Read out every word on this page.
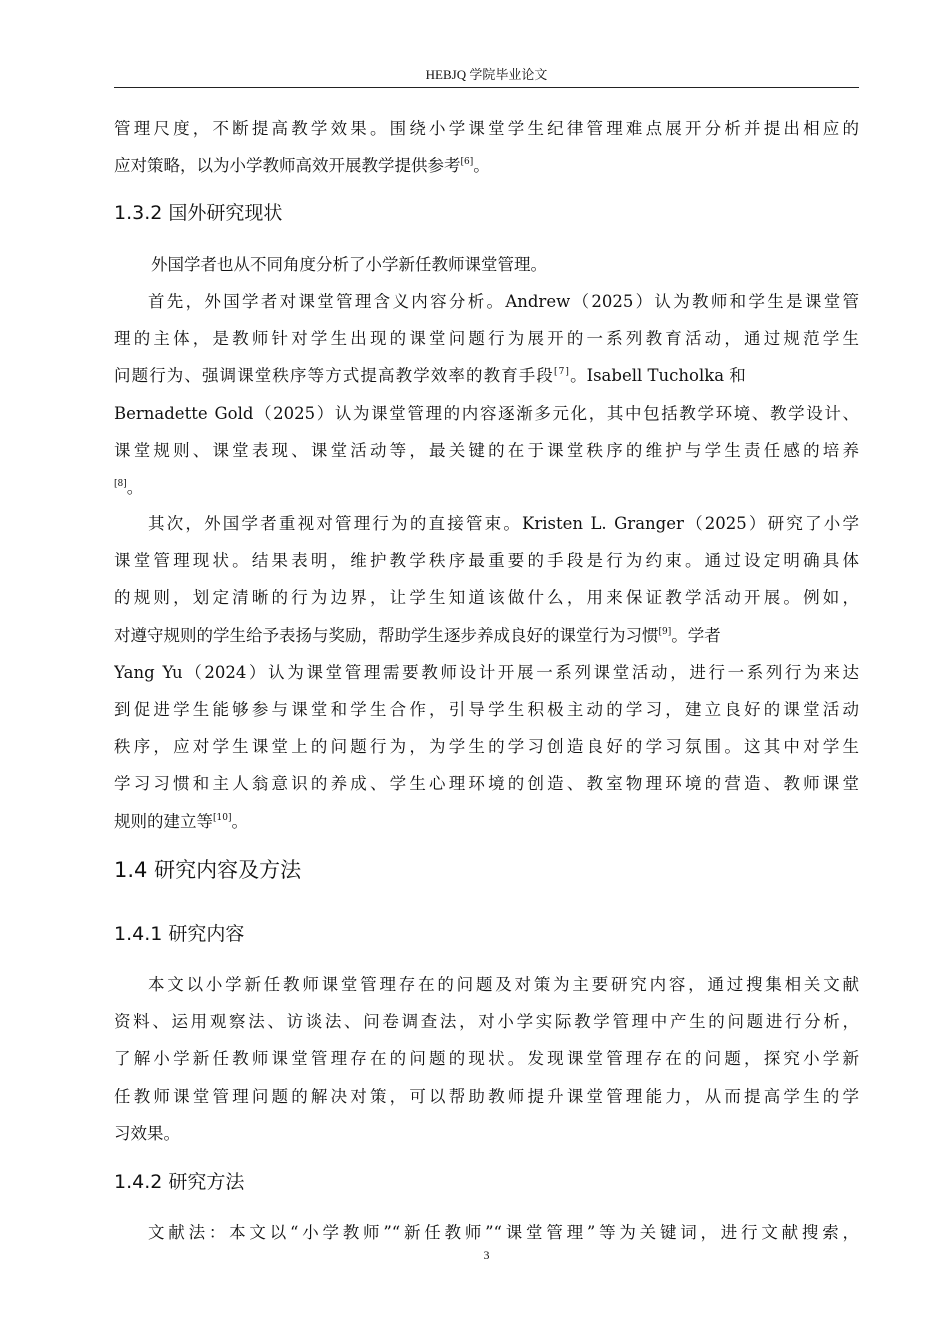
HEBJQ 学院毕业论文
管理尺度，不断提高教学效果。围绕小学课堂学生纪律管理难点展开分析并提出相应的
应对策略，以为小学教师高效开展教学提供参考[6]。
1.3.2 国外研究现状
外国学者也从不同角度分析了小学新任教师课堂管理。
首先，外国学者对课堂管理含义内容分析。Andrew（2025）认为教师和学生是课堂管
理的主体，是教师针对学生出现的课堂问题行为展开的一系列教育活动，通过规范学生
问题行为、强调课堂秩序等方式提高教学效率的教育手段[7]。Isabell Tucholka 和
Bernadette Gold（2025）认为课堂管理的内容逐渐多元化，其中包括教学环境、教学设计、
课堂规则、课堂表现、课堂活动等，最关键的在于课堂秩序的维护与学生责任感的培养
[8]。
其次，外国学者重视对管理行为的直接管束。Kristen L. Granger（2025）研究了小学
课堂管理现状。结果表明，维护教学秩序最重要的手段是行为约束。通过设定明确具体
的规则，划定清晰的行为边界，让学生知道该做什么，用来保证教学活动开展。例如，
对遵守规则的学生给予表扬与奖励，帮助学生逐步养成良好的课堂行为习惯[9]。学者
Yang Yu（2024）认为课堂管理需要教师设计开展一系列课堂活动，进行一系列行为来达
到促进学生能够参与课堂和学生合作，引导学生积极主动的学习，建立良好的课堂活动
秩序，应对学生课堂上的问题行为，为学生的学习创造良好的学习氛围。这其中对学生
学习习惯和主人翁意识的养成、学生心理环境的创造、教室物理环境的营造、教师课堂
规则的建立等[10]。
1.4 研究内容及方法
1.4.1 研究内容
本文以小学新任教师课堂管理存在的问题及对策为主要研究内容，通过搜集相关文献
资料、运用观察法、访谈法、问卷调查法，对小学实际教学管理中产生的问题进行分析，
了解小学新任教师课堂管理存在的问题的现状。发现课堂管理存在的问题，探究小学新
任教师课堂管理问题的解决对策，可以帮助教师提升课堂管理能力，从而提高学生的学
习效果。
1.4.2 研究方法
文献法：本文以“小学教师”“新任教师”“课堂管理”等为关键词，进行文献搜索，
3
